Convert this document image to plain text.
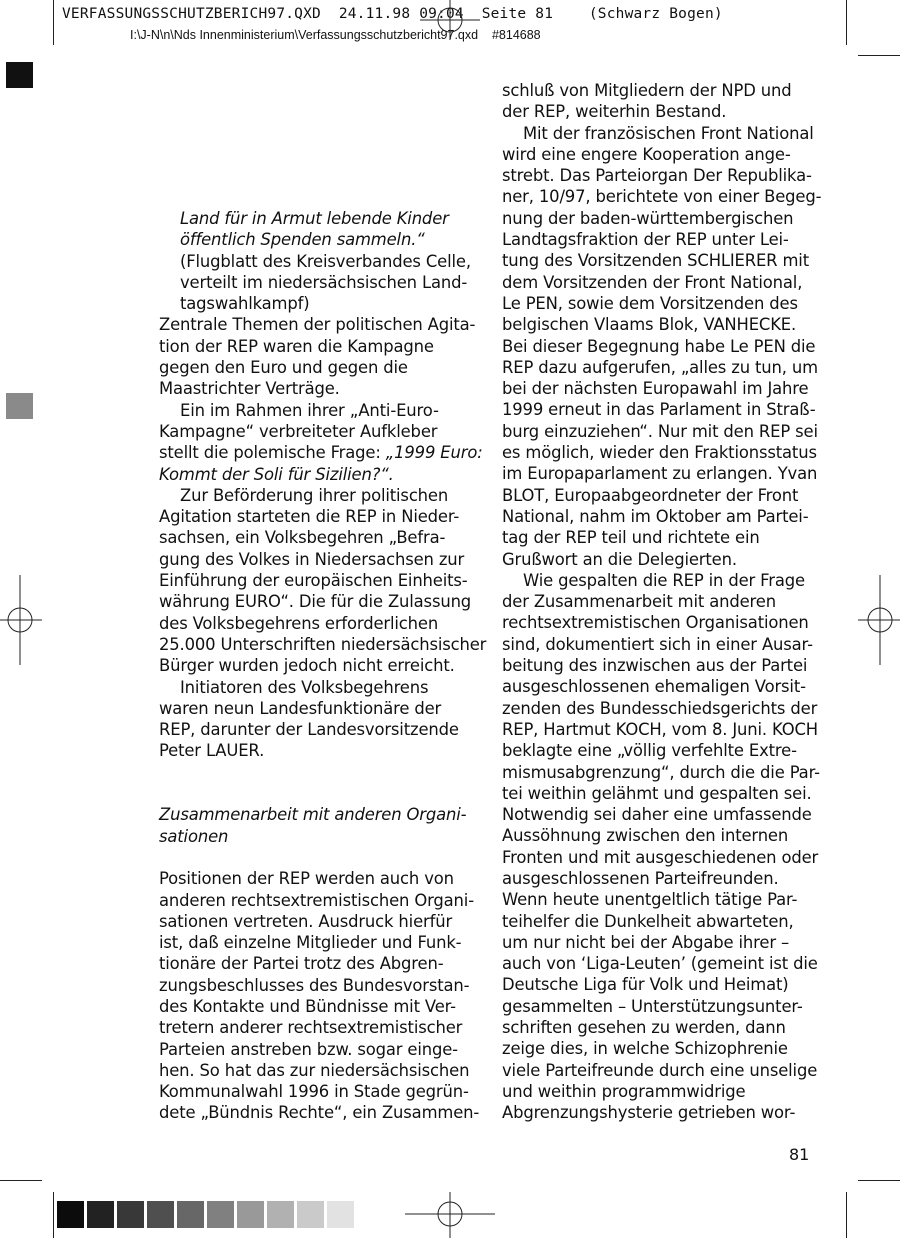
VERFASSUNGSSCHUTZBERICH97.QXD  24.11.98 09:04  Seite 81    (Schwarz Bogen)
I:\J-N\n\Nds Innenministerium\Verfassungsschutzbericht97.qxd    #814688
Land für in Armut lebende Kinder
öffentlich Spenden sammeln.“
(Flugblatt des Kreisverbandes Celle,
verteilt im niedersächsischen Land-
tagswahlkampf)
Zentrale Themen der politischen Agita-
tion der REP waren die Kampagne
gegen den Euro und gegen die
Maastrichter Verträge.
Ein im Rahmen ihrer „Anti-Euro-
Kampagne“ verbreiteter Aufkleber
stellt die polemische Frage: „1999 Euro:
Kommt der Soli für Sizilien?“.
Zur Beförderung ihrer politischen
Agitation starteten die REP in Nieder-
sachsen, ein Volksbegehren „Befra-
gung des Volkes in Niedersachsen zur
Einführung der europäischen Einheits-
währung EURO“. Die für die Zulassung
des Volksbegehrens erforderlichen
25.000 Unterschriften niedersächsischer
Bürger wurden jedoch nicht erreicht.
Initiatoren des Volksbegehrens
waren neun Landesfunktionäre der
REP, darunter der Landesvorsitzende
Peter LAUER.
Zusammenarbeit mit anderen Organi-
sationen
Positionen der REP werden auch von
anderen rechtsextremistischen Organi-
sationen vertreten. Ausdruck hierfür
ist, daß einzelne Mitglieder und Funk-
tionäre der Partei trotz des Abgren-
zungsbeschlusses des Bundesvorstan-
des Kontakte und Bündnisse mit Ver-
tretern anderer rechtsextremistischer
Parteien anstreben bzw. sogar einge-
hen. So hat das zur niedersächsischen
Kommunalwahl 1996 in Stade gegrün-
dete „Bündnis Rechte“, ein Zusammen-
schluß von Mitgliedern der NPD und
der REP, weiterhin Bestand.
Mit der französischen Front National
wird eine engere Kooperation ange-
strebt. Das Parteiorgan Der Republika-
ner, 10/97, berichtete von einer Begeg-
nung der baden-württembergischen
Landtagsfraktion der REP unter Lei-
tung des Vorsitzenden SCHLIERER mit
dem Vorsitzenden der Front National,
Le PEN, sowie dem Vorsitzenden des
belgischen Vlaams Blok, VANHECKE.
Bei dieser Begegnung habe Le PEN die
REP dazu aufgerufen, „alles zu tun, um
bei der nächsten Europawahl im Jahre
1999 erneut in das Parlament in Straß-
burg einzuziehen“. Nur mit den REP sei
es möglich, wieder den Fraktionsstatus
im Europaparlament zu erlangen. Yvan
BLOT, Europaabgeordneter der Front
National, nahm im Oktober am Partei-
tag der REP teil und richtete ein
Grußwort an die Delegierten.
Wie gespalten die REP in der Frage
der Zusammenarbeit mit anderen
rechtsextremistischen Organisationen
sind, dokumentiert sich in einer Ausar-
beitung des inzwischen aus der Partei
ausgeschlossenen ehemaligen Vorsit-
zenden des Bundesschiedsgerichts der
REP, Hartmut KOCH, vom 8. Juni. KOCH
beklagte eine „völlig verfehlte Extre-
mismusabgrenzung“, durch die die Par-
tei weithin gelähmt und gespalten sei.
Notwendig sei daher eine umfassende
Aussöhnung zwischen den internen
Fronten und mit ausgeschiedenen oder
ausgeschlossenen Parteifreunden.
Wenn heute unentgeltlich tätige Par-
teihelfer die Dunkelheit abwarteten,
um nur nicht bei der Abgabe ihrer –
auch von ‘Liga-Leuten’ (gemeint ist die
Deutsche Liga für Volk und Heimat)
gesammelten – Unterstützungsunter-
schriften gesehen zu werden, dann
zeige dies, in welche Schizophrenie
viele Parteifreunde durch eine unselige
und weithin programmwidrige
Abgrenzungshysterie getrieben wor-
81
